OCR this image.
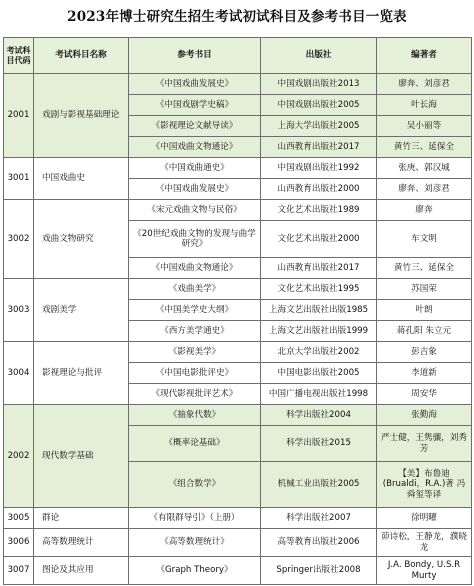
2023年博士研究生招生考试初试科目及参考书目一览表
考试科目代码	考试科目名称	参考书目	出版社	编著者
2001	戏剧与影视基础理论	《中国戏曲发展史》	中国戏剧出版社2013	廖奔、刘彦君
		《中国戏剧学史稿》	中国戏剧出版社2005	叶长海
		《影视理论文献导读》	上海大学出版社2005	吴小丽等
		《中国戏曲文物通论》	山西教育出版社2017	黄竹三、延保全
3001	中国戏曲史	《中国戏曲通史》	中国戏剧出版社1992	张庚、郭汉城
		《中国戏曲发展史》	山西教育出版社2000	廖奔、刘彦君
3002	戏曲文物研究	《宋元戏曲文物与民俗》	文化艺术出版社1989	廖奔
		《20世纪戏曲文物的发现与曲学研究》	文化艺术出版社2000	车文明
		《中国戏曲文物通论》	山西教育出版社2017	黄竹三、延保全
3003	戏剧美学	《戏曲美学》	文化艺术出版社1995	苏国荣
		《中国美学史大纲》	上海文艺出版社出版1985	叶朗
		《西方美学通史》	上海文艺出版社出版1999	蒋孔阳 朱立元
3004	影视理论与批评	《影视美学》	北京大学出版社2002	彭吉象
		《中国电影批评史》	中国电影出版社2005	李道新
		《现代影视批评艺术》	中国广播电视出版社1998	周安华
2002	现代数学基础	《抽象代数》	科学出版社2004	张勤海
		《概率论基础》	科学出版社2015	严士健，王隽骧，刘秀芳
		《组合数学》	机械工业出版社2005	【美】布鲁迪(Brualdi，R.A.)著 冯舜玺等译
3005	群论	《有限群导引》（上册）	科学出版社2007	徐明曜
3006	高等数理统计	《高等数理统计》	高等教育出版社2006	茆诗松，王静龙，濮晓龙
3007	图论及其应用	《Graph Theory》	Springer出版社2008	J.A. Bondy, U.S.R Murty
